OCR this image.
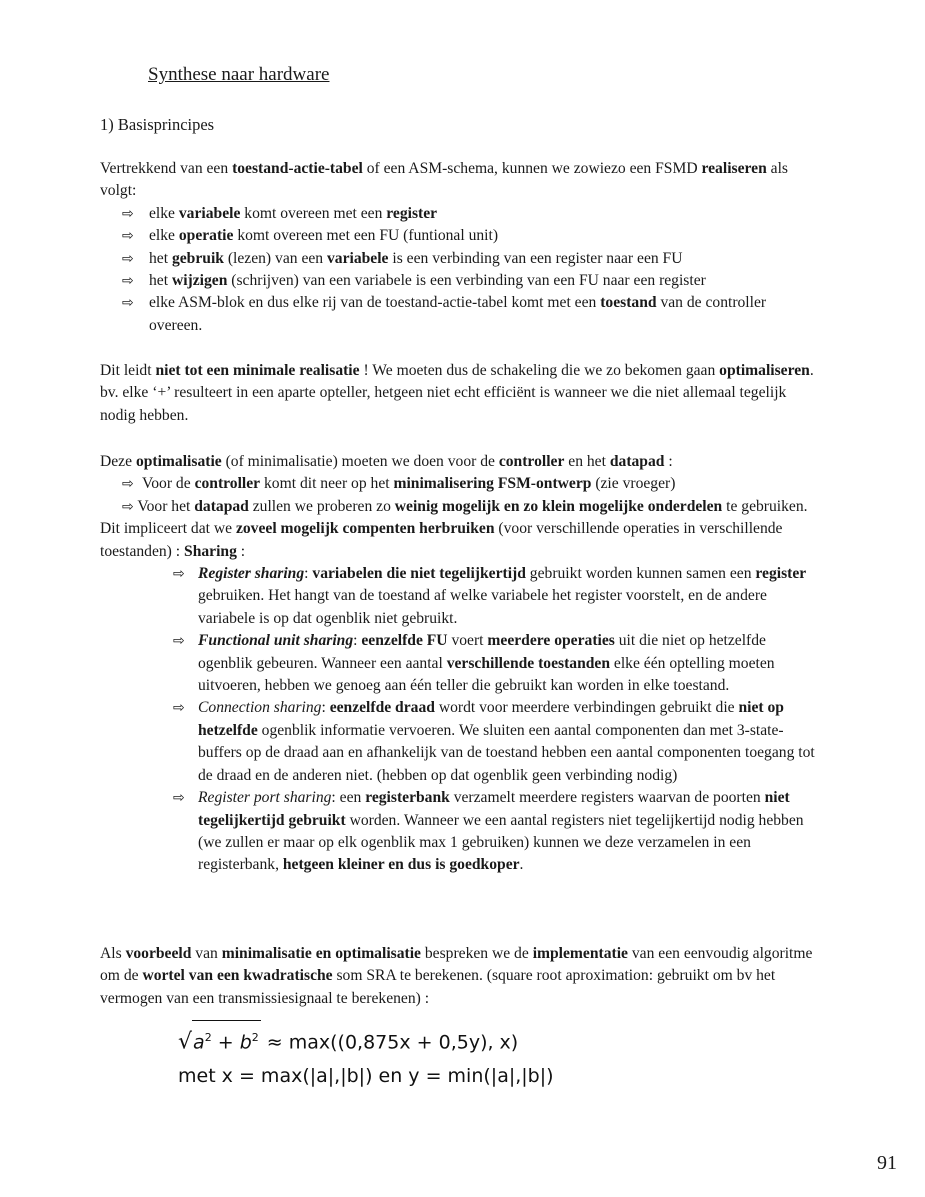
Synthese naar hardware
1) Basisprincipes

Vertrekkend van een toestand-actie-tabel of een ASM-schema, kunnen we zowiezo een FSMD realiseren als volgt:

⇨ elke variabele komt overeen met een register
⇨ elke operatie komt overeen met een FU (funtional unit)
⇨ het gebruik (lezen) van een variabele is een verbinding van een register naar een FU
⇨ het wijzigen (schrijven) van een variabele is een verbinding van een FU naar een register
⇨ elke ASM-blok en dus elke rij van de toestand-actie-tabel komt met een toestand van de controller overeen.

Dit leidt niet tot een minimale realisatie ! We moeten dus de schakeling die we zo bekomen gaan optimaliseren. bv. elke ‘+’ resulteert in een aparte opteller, hetgeen niet echt efficiënt is wanneer we die niet allemaal tegelijk nodig hebben.

Deze optimalisatie (of minimalisatie) moeten we doen voor de controller en het datapad :

⇨ Voor de controller komt dit neer op het minimalisering FSM-ontwerp (zie vroeger)

⇨ Voor het datapad zullen we proberen zo weinig mogelijk en zo klein mogelijke onderdelen te gebruiken. Dit impliceert dat we zoveel mogelijk compenten herbruiken (voor verschillende operaties in verschillende toestanden) : Sharing :

⇨ Register sharing: variabelen die niet tegelijkertijd gebruikt worden kunnen samen een register gebruiken. Het hangt van de toestand af welke variabele het register voorstelt, en de andere variabele is op dat ogenblik niet gebruikt.
⇨ Functional unit sharing: eenzelfde FU voert meerdere operaties uit die niet op hetzelfde ogenblik gebeuren. Wanneer een aantal verschillende toestanden elke één optelling moeten uitvoeren, hebben we genoeg aan één teller die gebruikt kan worden in elke toestand.
⇨ Connection sharing: eenzelfde draad wordt voor meerdere verbindingen gebruikt die niet op hetzelfde ogenblik informatie vervoeren. We sluiten een aantal componenten dan met 3-state-buffers op de draad aan en afhankelijk van de toestand hebben een aantal componenten toegang tot de draad en de anderen niet. (hebben op dat ogenblik geen verbinding nodig)
⇨ Register port sharing: een registerbank verzamelt meerdere registers waarvan de poorten niet tegelijkertijd gebruikt worden. Wanneer we een aantal registers niet tegelijkertijd nodig hebben (we zullen er maar op elk ogenblik max 1 gebruiken) kunnen we deze verzamelen in een registerbank, hetgeen kleiner en dus is goedkoper.

Als voorbeeld van minimalisatie en optimalisatie bespreken we de implementatie van een eenvoudig algoritme om de wortel van een kwadratische som SRA te berekenen. (square root aproximation: gebruikt om bv het vermogen van een transmissiesignaal te berekenen) :

$√a^2 + b^2 \approx \max((0,875x + 0,5y)$, x)
met x = max(|a|,|b|) en y = min(|a|,|b|)
91
